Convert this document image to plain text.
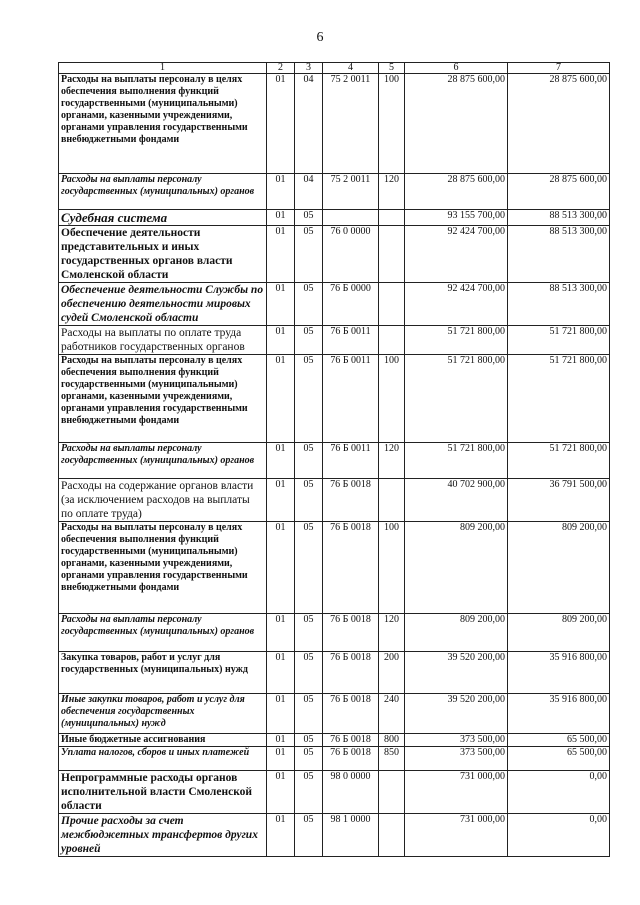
6
1	2	3	4	5	6	7
Расходы на выплаты персоналу в целях обеспечения выполнения функций государственными (муниципальными) органами, казенными учреждениями, органами управления государственными внебюджетными фондами	01	04	75 2 0011	100	28 875 600,00	28 875 600,00
Расходы на выплаты персоналу государственных (муниципальных) органов	01	04	75 2 0011	120	28 875 600,00	28 875 600,00
Судебная система	01	05			93 155 700,00	88 513 300,00
Обеспечение деятельности представительных и иных государственных органов власти Смоленской области	01	05	76 0 0000		92 424 700,00	88 513 300,00
Обеспечение деятельности Службы по обеспечению деятельности мировых судей Смоленской области	01	05	76 Б 0000		92 424 700,00	88 513 300,00
Расходы на выплаты по оплате труда работников государственных органов	01	05	76 Б 0011		51 721 800,00	51 721 800,00
Расходы на выплаты персоналу в целях обеспечения выполнения функций государственными (муниципальными) органами, казенными учреждениями, органами управления государственными внебюджетными фондами	01	05	76 Б 0011	100	51 721 800,00	51 721 800,00
Расходы на выплаты персоналу государственных (муниципальных) органов	01	05	76 Б 0011	120	51 721 800,00	51 721 800,00
Расходы на содержание органов власти (за исключением расходов на выплаты по оплате труда)	01	05	76 Б 0018		40 702 900,00	36 791 500,00
Расходы на выплаты персоналу в целях обеспечения выполнения функций государственными (муниципальными) органами, казенными учреждениями, органами управления государственными внебюджетными фондами	01	05	76 Б 0018	100	809 200,00	809 200,00
Расходы на выплаты персоналу государственных (муниципальных) органов	01	05	76 Б 0018	120	809 200,00	809 200,00
Закупка товаров, работ и услуг для государственных (муниципальных) нужд	01	05	76 Б 0018	200	39 520 200,00	35 916 800,00
Иные закупки товаров, работ и услуг для обеспечения государственных (муниципальных) нужд	01	05	76 Б 0018	240	39 520 200,00	35 916 800,00
Иные бюджетные ассигнования	01	05	76 Б 0018	800	373 500,00	65 500,00
Уплата налогов, сборов и иных платежей	01	05	76 Б 0018	850	373 500,00	65 500,00
Непрограммные расходы органов исполнительной власти Смоленской области	01	05	98 0 0000		731 000,00	0,00
Прочие расходы за счет межбюджетных трансфертов других уровней	01	05	98 1 0000		731 000,00	0,00
